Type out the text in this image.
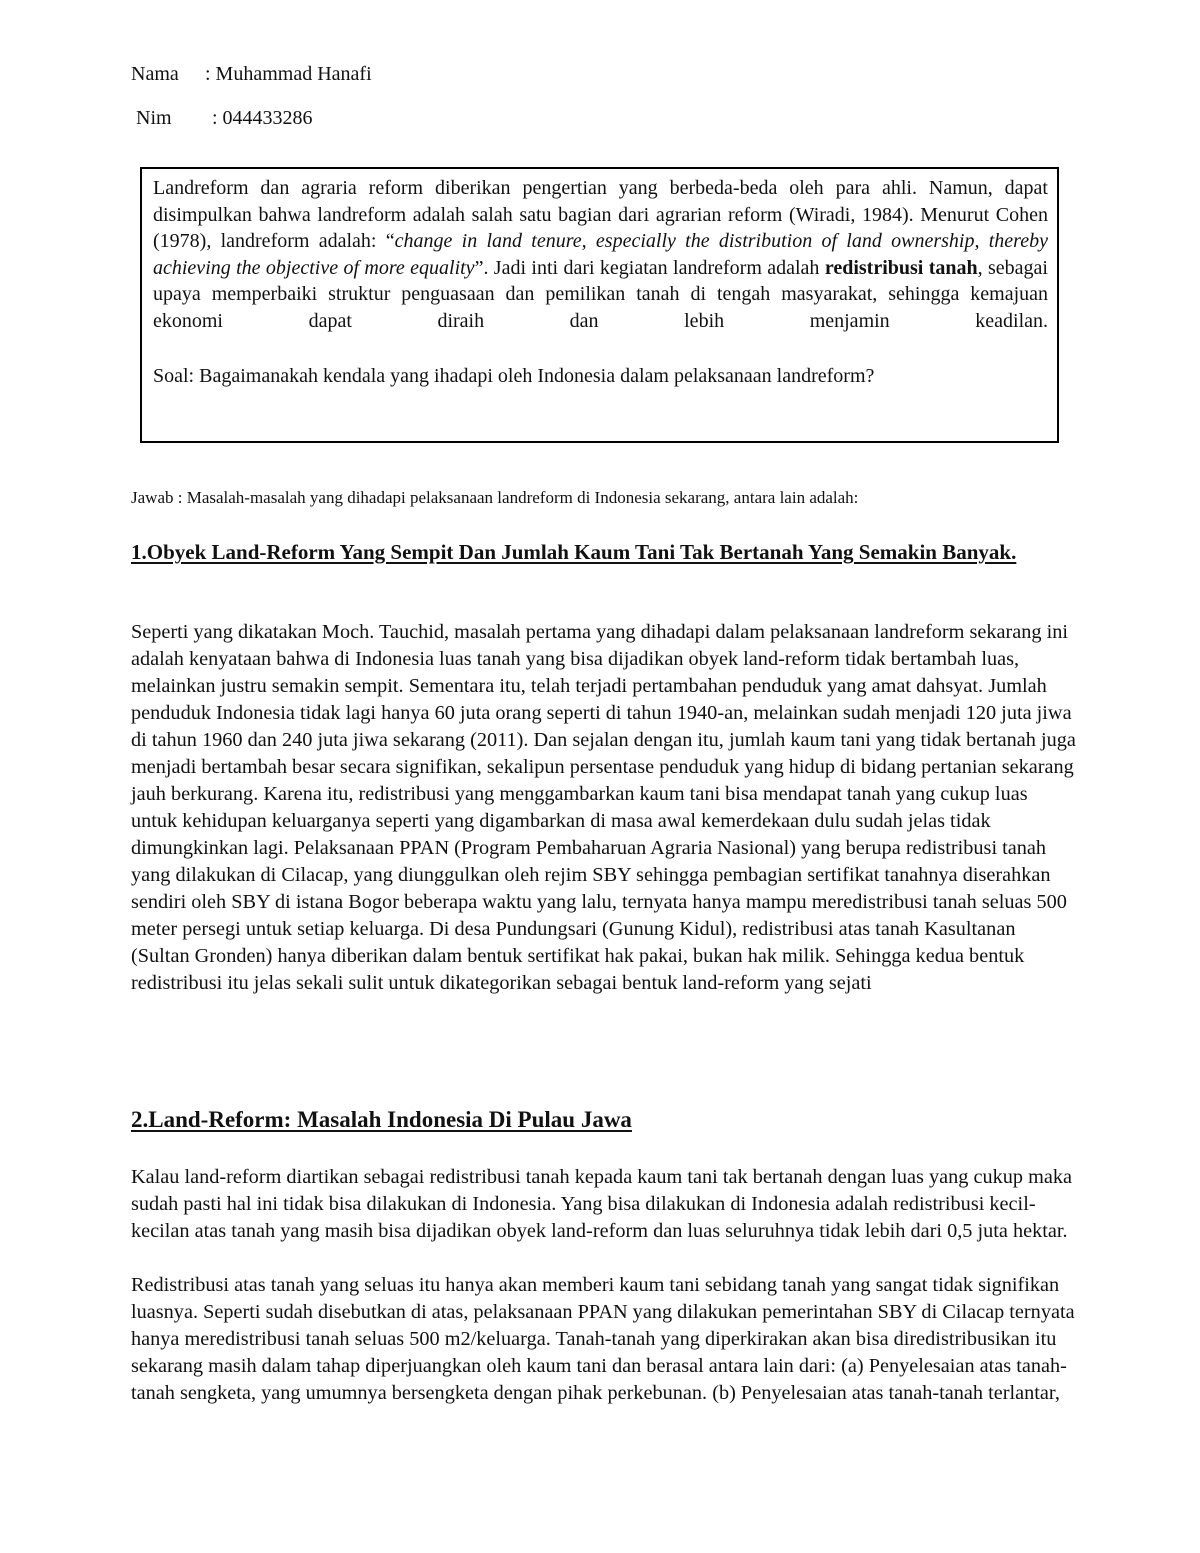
Nama : Muhammad Hanafi
Nim : 044433286

Landreform dan agraria reform diberikan pengertian yang berbeda-beda oleh para ahli. Namun, dapat disimpulkan bahwa landreform adalah salah satu bagian dari agrarian reform (Wiradi, 1984). Menurut Cohen (1978), landreform adalah: “change in land tenure, especially the distribution of land ownership, thereby achieving the objective of more equality”. Jadi inti dari kegiatan landreform adalah redistribusi tanah, sebagai upaya memperbaiki struktur penguasaan dan pemilikan tanah di tengah masyarakat, sehingga kemajuan ekonomi dapat diraih dan lebih menjamin keadilan.

Soal: Bagaimanakah kendala yang ihadapi oleh Indonesia dalam pelaksanaan landreform?

Jawab : Masalah-masalah yang dihadapi pelaksanaan landreform di Indonesia sekarang, antara lain adalah:
1.Obyek Land-Reform Yang Sempit Dan Jumlah Kaum Tani Tak Bertanah Yang Semakin Banyak.

Seperti yang dikatakan Moch. Tauchid, masalah pertama yang dihadapi dalam pelaksanaan landreform sekarang ini adalah kenyataan bahwa di Indonesia luas tanah yang bisa dijadikan obyek land-reform tidak bertambah luas, melainkan justru semakin sempit. Sementara itu, telah terjadi pertambahan penduduk yang amat dahsyat. Jumlah penduduk Indonesia tidak lagi hanya 60 juta orang seperti di tahun 1940-an, melainkan sudah menjadi 120 juta jiwa di tahun 1960 dan 240 juta jiwa sekarang (2011). Dan sejalan dengan itu, jumlah kaum tani yang tidak bertanah juga menjadi bertambah besar secara signifikan, sekalipun persentase penduduk yang hidup di bidang pertanian sekarang jauh berkurang. Karena itu, redistribusi yang menggambarkan kaum tani bisa mendapat tanah yang cukup luas untuk kehidupan keluarganya seperti yang digambarkan di masa awal kemerdekaan dulu sudah jelas tidak dimungkinkan lagi. Pelaksanaan PPAN (Program Pembaharuan Agraria Nasional) yang berupa redistribusi tanah yang dilakukan di Cilacap, yang diunggulkan oleh rejim SBY sehingga pembagian sertifikat tanahnya diserahkan sendiri oleh SBY di istana Bogor beberapa waktu yang lalu, ternyata hanya mampu meredistribusi tanah seluas 500 meter persegi untuk setiap keluarga. Di desa Pundungsari (Gunung Kidul), redistribusi atas tanah Kasultanan (Sultan Gronden) hanya diberikan dalam bentuk sertifikat hak pakai, bukan hak milik. Sehingga kedua bentuk redistribusi itu jelas sekali sulit untuk dikategorikan sebagai bentuk land-reform yang sejati

2.Land-Reform: Masalah Indonesia Di Pulau Jawa

Kalau land-reform diartikan sebagai redistribusi tanah kepada kaum tani tak bertanah dengan luas yang cukup maka sudah pasti hal ini tidak bisa dilakukan di Indonesia. Yang bisa dilakukan di Indonesia adalah redistribusi kecil-kecilan atas tanah yang masih bisa dijadikan obyek land-reform dan luas seluruhnya tidak lebih dari 0,5 juta hektar.

Redistribusi atas tanah yang seluas itu hanya akan memberi kaum tani sebidang tanah yang sangat tidak signifikan luasnya. Seperti sudah disebutkan di atas, pelaksanaan PPAN yang dilakukan pemerintahan SBY di Cilacap ternyata hanya meredistribusi tanah seluas 500 m2/keluarga. Tanah-tanah yang diperkirakan akan bisa diredistribusikan itu sekarang masih dalam tahap diperjuangkan oleh kaum tani dan berasal antara lain dari: (a) Penyelesaian atas tanah- tanah sengketa, yang umumnya bersengketa dengan pihak perkebunan. (b) Penyelesaian atas tanah-tanah terlantar,
